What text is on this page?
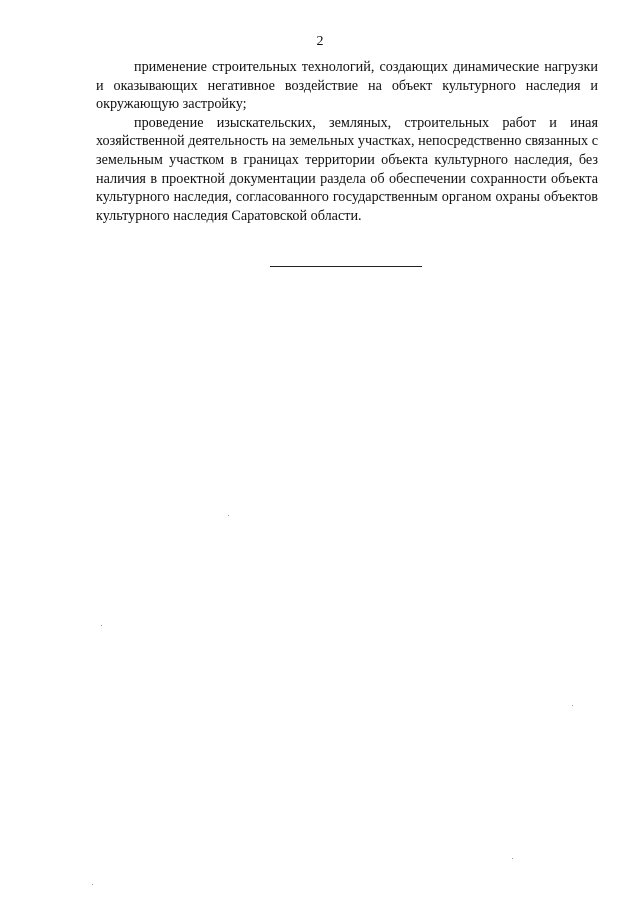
2

применение строительных технологий, создающих динамические нагрузки и оказывающих негативное воздействие на объект культурного наследия и окружающую застройку;

проведение изыскательских, земляных, строительных работ и иная хозяйственной деятельность на земельных участках, непосредственно связанных с земельным участком в границах территории объекта культурного наследия, без наличия в проектной документации раздела об обеспечении сохранности объекта культурного наследия, согласованного государственным органом охраны объектов культурного наследия Саратовской области.
